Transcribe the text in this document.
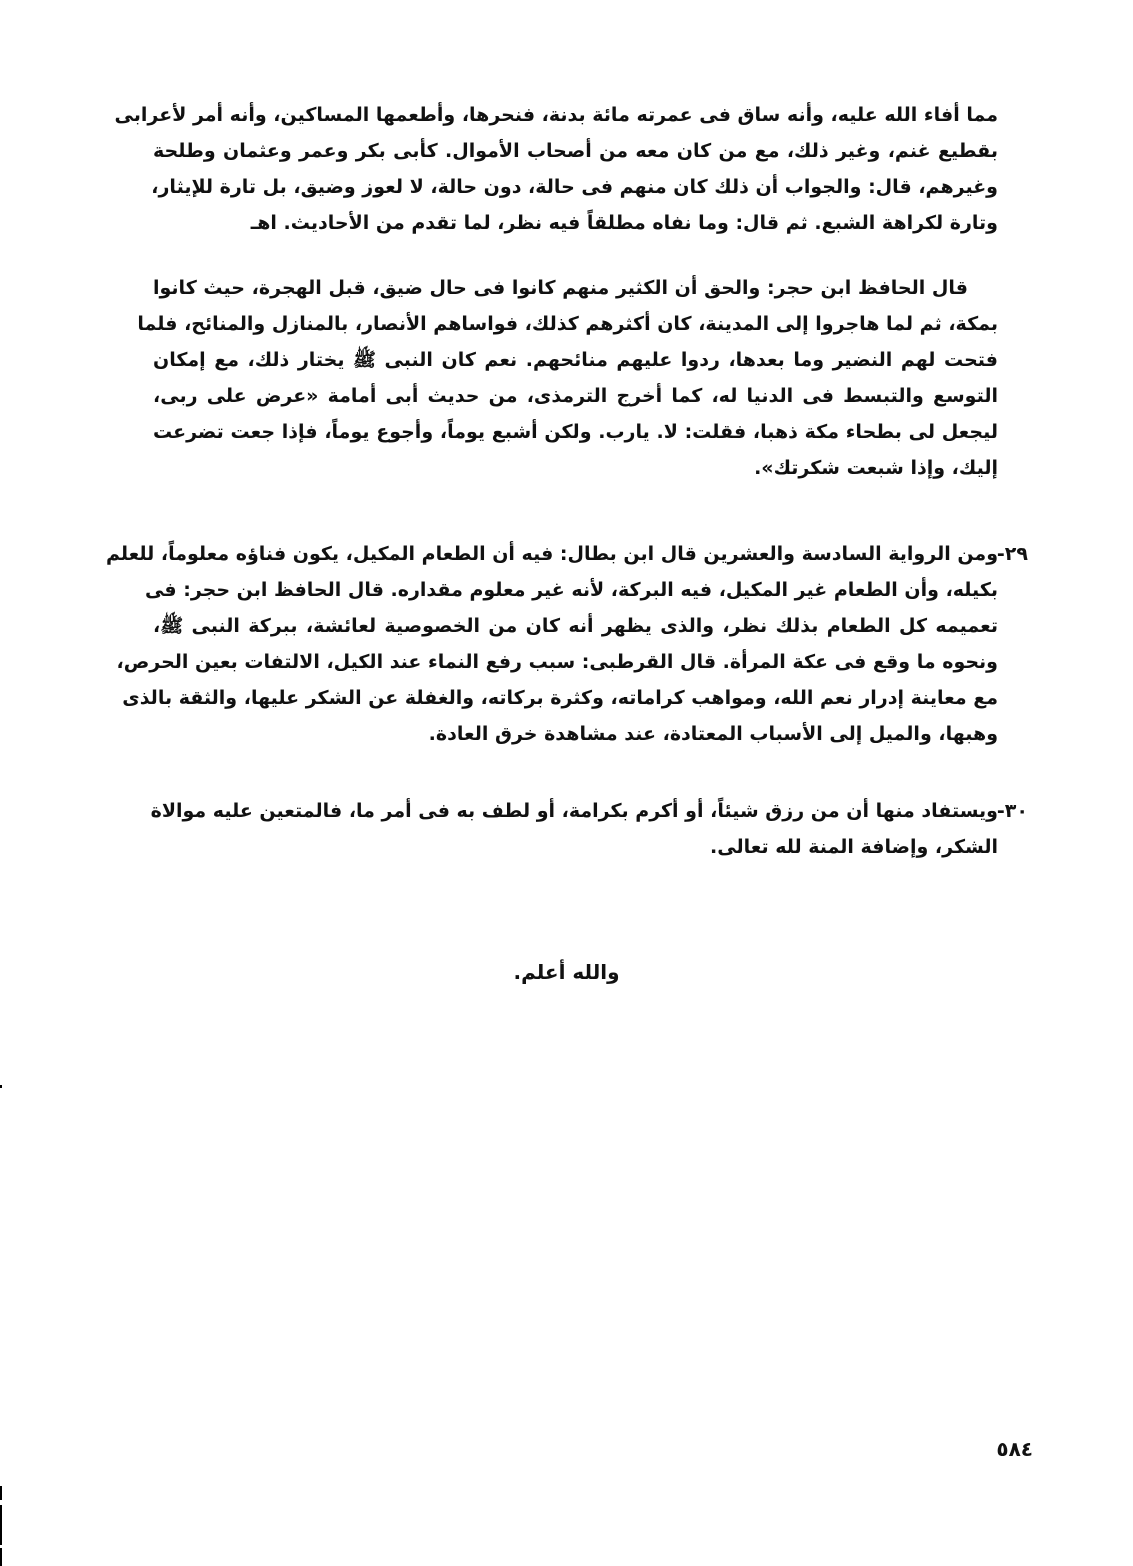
مما أفاء الله عليه، وأنه ساق فى عمرته مائة بدنة، فنحرها، وأطعمها المساكين، وأنه أمر لأعرابى
بقطيع غنم، وغير ذلك، مع من كان معه من أصحاب الأموال. كأبى بكر وعمر وعثمان وطلحة
وغيرهم، قال: والجواب أن ذلك كان منهم فى حالة، دون حالة، لا لعوز وضيق، بل تارة للإيثار،
وتارة لكراهة الشبع. ثم قال: وما نفاه مطلقاً فيه نظر، لما تقدم من الأحاديث. اهـ
قال الحافظ ابن حجر: والحق أن الكثير منهم كانوا فى حال ضيق، قبل الهجرة، حيث كانوا
بمكة، ثم لما هاجروا إلى المدينة، كان أكثرهم كذلك، فواساهم الأنصار، بالمنازل والمنائح، فلما
فتحت لهم النضير وما بعدها، ردوا عليهم منائحهم. نعم كان النبى ﷺ يختار ذلك، مع إمكان
التوسع والتبسط فى الدنيا له، كما أخرج الترمذى، من حديث أبى أمامة «عرض على ربى،
ليجعل لى بطحاء مكة ذهبا، فقلت: لا. يارب. ولكن أشبع يوماً، وأجوع يوماً، فإذا جعت تضرعت
إليك، وإذا شبعت شكرتك».
٢٩-
ومن الرواية السادسة والعشرين قال ابن بطال: فيه أن الطعام المكيل، يكون فناؤه معلوماً، للعلم
بكيله، وأن الطعام غير المكيل، فيه البركة، لأنه غير معلوم مقداره. قال الحافظ ابن حجر: فى
تعميمه كل الطعام بذلك نظر، والذى يظهر أنه كان من الخصوصية لعائشة، ببركة النبى ﷺ،
ونحوه ما وقع فى عكة المرأة. قال القرطبى: سبب رفع النماء عند الكيل، الالتفات بعين الحرص،
مع معاينة إدرار نعم الله، ومواهب كراماته، وكثرة بركاته، والغفلة عن الشكر عليها، والثقة بالذى
وهبها، والميل إلى الأسباب المعتادة، عند مشاهدة خرق العادة.
٣٠-
ويستفاد منها أن من رزق شيئاً، أو أكرم بكرامة، أو لطف به فى أمر ما، فالمتعين عليه موالاة
الشكر، وإضافة المنة لله تعالى.
والله أعلم.
٥٨٤
